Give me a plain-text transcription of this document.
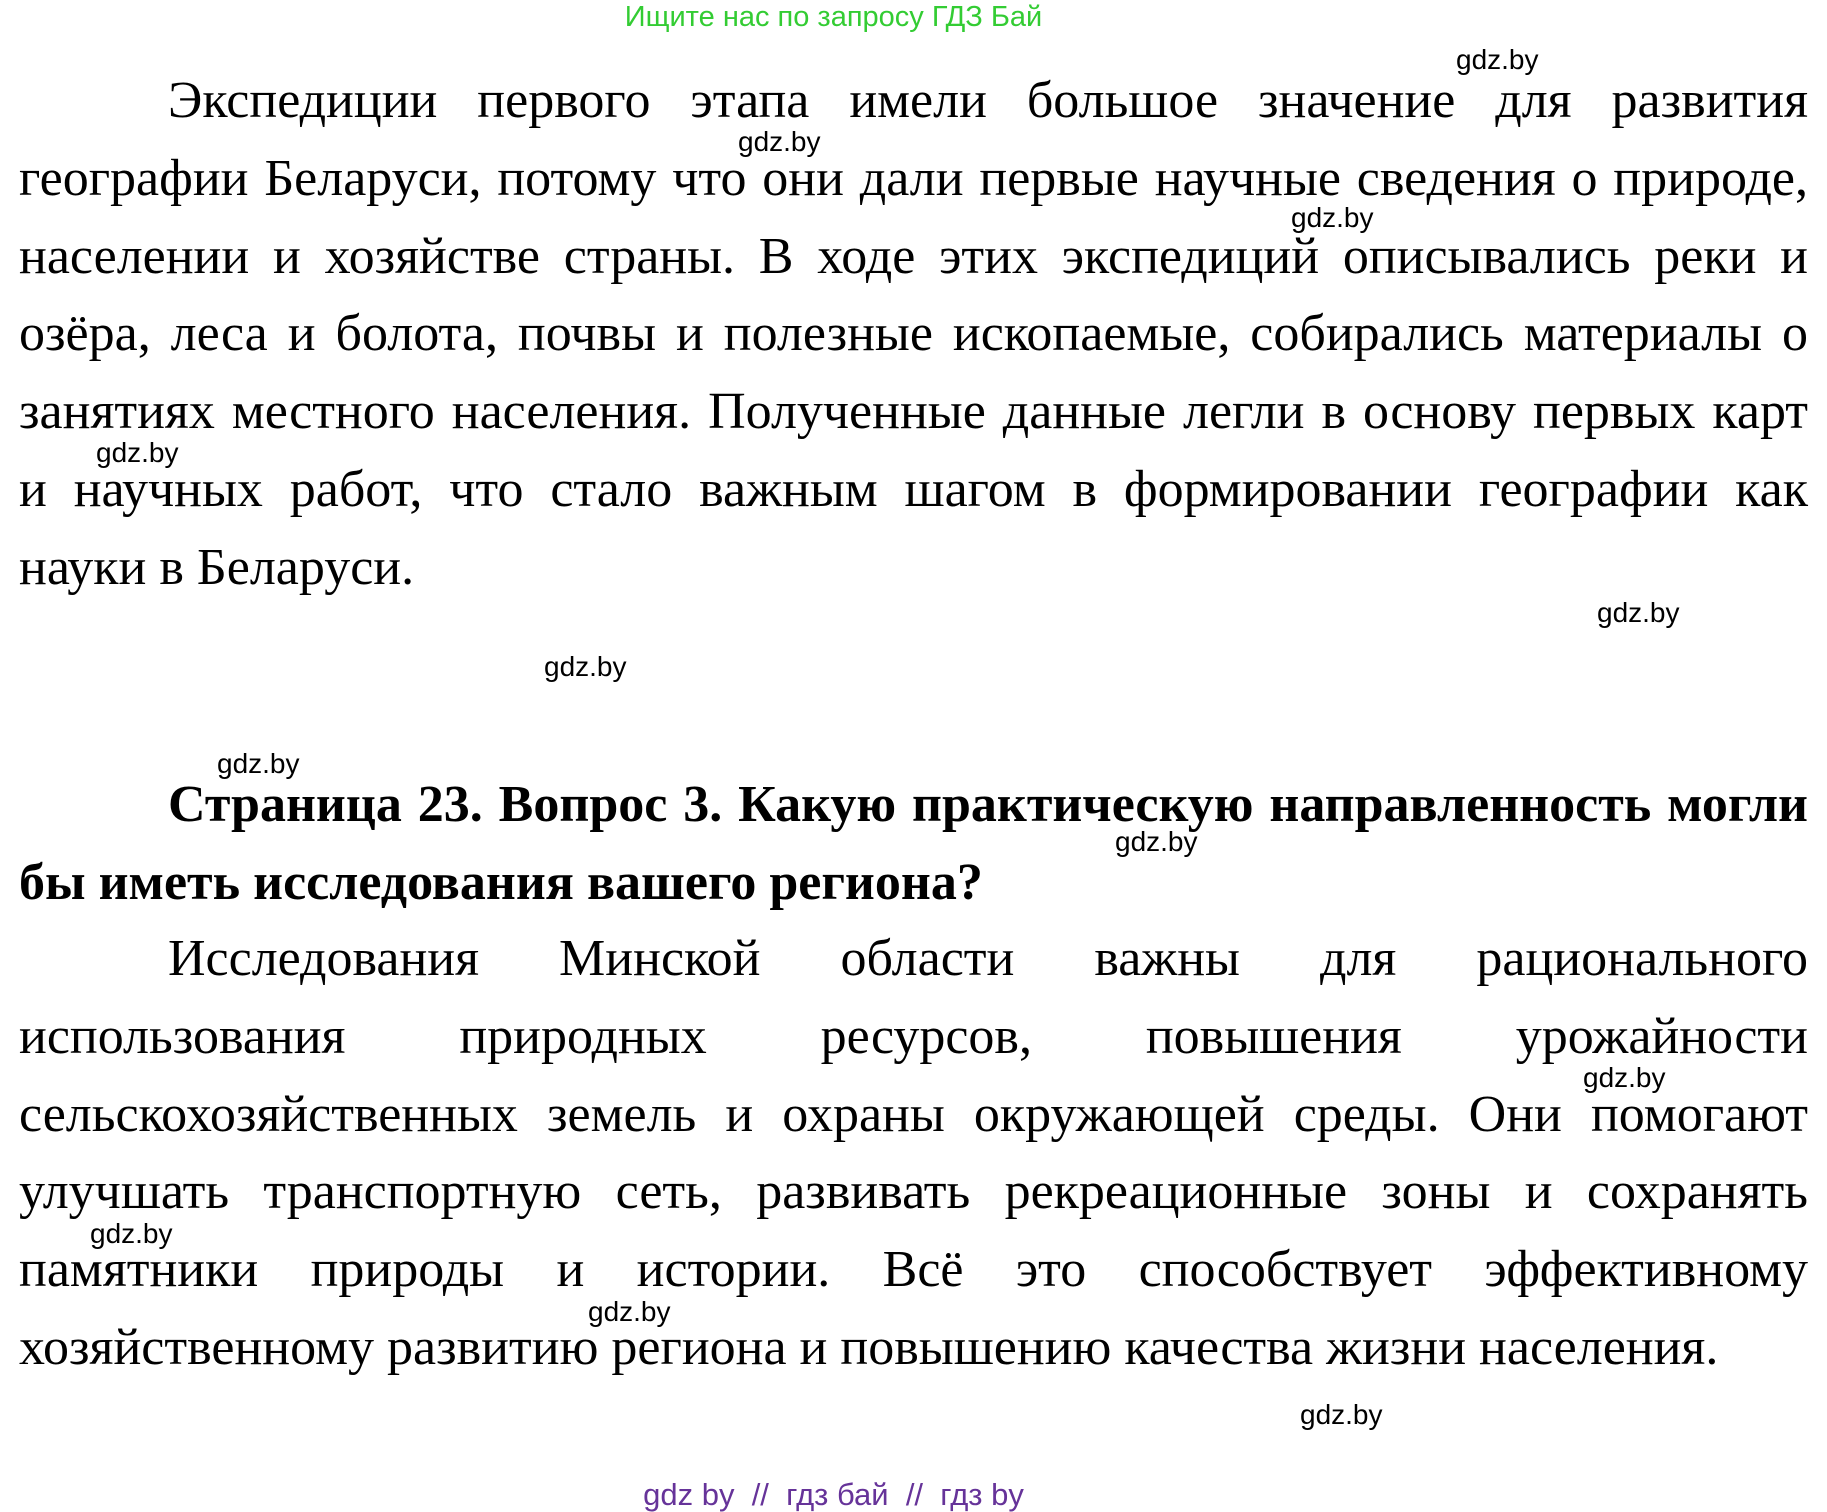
Ищите нас по запросу ГДЗ Бай

Экспедиции первого этапа имели большое значение для развития географии Беларуси, потому что они дали первые научные сведения о природе, населении и хозяйстве страны. В ходе этих экспедиций описывались реки и озёра, леса и болота, почвы и полезные ископаемые, собирались материалы о занятиях местного населения. Полученные данные легли в основу первых карт и научных работ, что стало важным шагом в формировании географии как науки в Беларуси.

Страница 23. Вопрос 3. Какую практическую направленность могли бы иметь исследования вашего региона?

Исследования Минской области важны для рационального использования природных ресурсов, повышения урожайности сельскохозяйственных земель и охраны окружающей среды. Они помогают улучшать транспортную сеть, развивать рекреационные зоны и сохранять памятники природы и истории. Всё это способствует эффективному хозяйственному развитию региона и повышению качества жизни населения.

gdz.by
gdz.by
gdz.by
gdz.by
gdz.by
gdz.by
gdz.by
gdz.by
gdz.by
gdz.by
gdz.by
gdz.by
gdz by  //  гдз бай  //  гдз by
